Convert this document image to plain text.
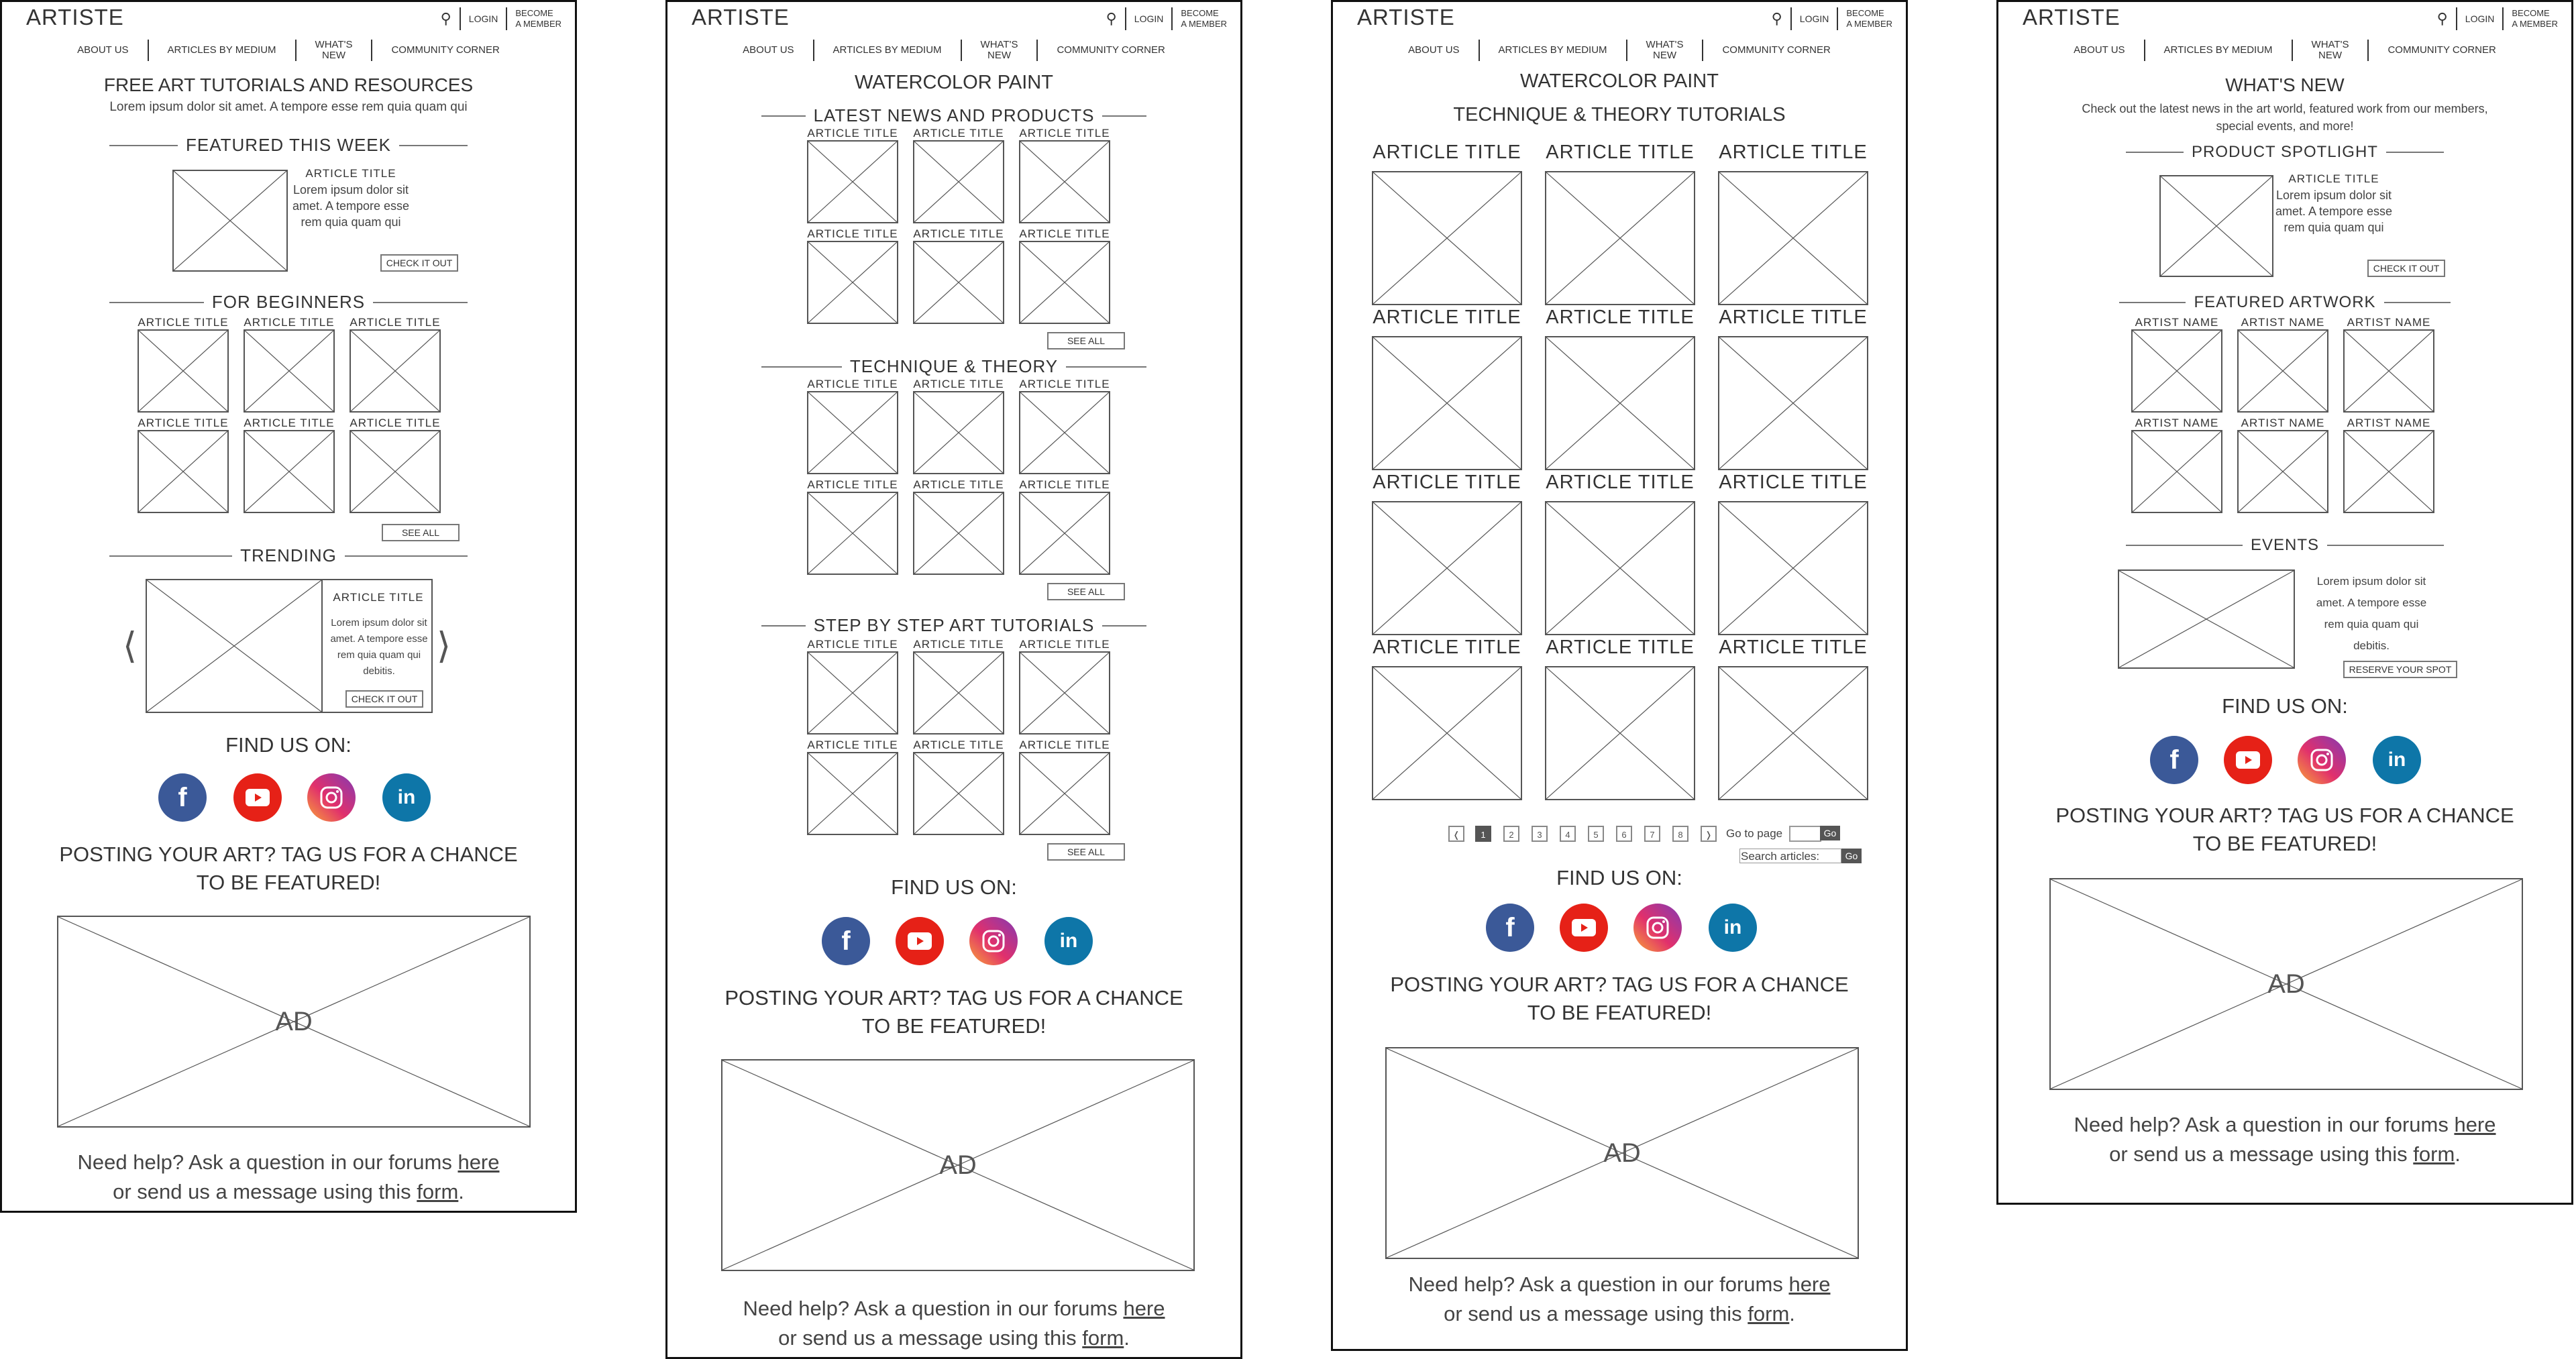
ARTISTE	⚲ LOGIN
BECOME
A MEMBER
ABOUT US	ARTICLES BY MEDIUM	WHAT'S
NEW	COMMUNITY CORNER
FREE ART TUTORIALS AND RESOURCES
Lorem ipsum dolor sit amet. A tempore esse rem quia quam qui
FEATURED THIS WEEK
ARTICLE TITLE
Lorem ipsum dolor sit amet. A tempore esse rem quia quam qui
CHECK IT OUT
FOR BEGINNERS
ARTICLE TITLE	ARTICLE TITLE	ARTICLE TITLE
ARTICLE TITLE	ARTICLE TITLE	ARTICLE TITLE
SEE ALL
TRENDING
⟨	⟩
ARTICLE TITLE
Lorem ipsum dolor sit amet. A tempore esse rem quia quam qui debitis.
CHECK IT OUT
FIND US ON:
f	in
POSTING YOUR ART? TAG US FOR A CHANCE
TO BE FEATURED!
AD
Need help? Ask a question in our forums here
or send us a message using this form.
ARTISTE	⚲ LOGIN
BECOME
A MEMBER
ABOUT US	ARTICLES BY MEDIUM	WHAT'S
NEW	COMMUNITY CORNER
WATERCOLOR PAINT
LATEST NEWS AND PRODUCTS
ARTICLE TITLE	ARTICLE TITLE	ARTICLE TITLE
ARTICLE TITLE	ARTICLE TITLE	ARTICLE TITLE
SEE ALL
TECHNIQUE & THEORY
ARTICLE TITLE	ARTICLE TITLE	ARTICLE TITLE
ARTICLE TITLE	ARTICLE TITLE	ARTICLE TITLE
SEE ALL
STEP BY STEP ART TUTORIALS
ARTICLE TITLE	ARTICLE TITLE	ARTICLE TITLE
ARTICLE TITLE	ARTICLE TITLE	ARTICLE TITLE
SEE ALL
FIND US ON:
f	in
POSTING YOUR ART? TAG US FOR A CHANCE
TO BE FEATURED!
AD
Need help? Ask a question in our forums here
or send us a message using this form.
ARTISTE	⚲ LOGIN
BECOME
A MEMBER
ABOUT US	ARTICLES BY MEDIUM	WHAT'S
NEW	COMMUNITY CORNER
WATERCOLOR PAINT
TECHNIQUE & THEORY TUTORIALS
ARTICLE TITLE	ARTICLE TITLE	ARTICLE TITLE
ARTICLE TITLE	ARTICLE TITLE	ARTICLE TITLE
ARTICLE TITLE	ARTICLE TITLE	ARTICLE TITLE
ARTICLE TITLE	ARTICLE TITLE	ARTICLE TITLE
❬	1	2	3	4	5	6	7	8	❭	Go to page	Go
Search articles:	Go
FIND US ON:
f	in
POSTING YOUR ART? TAG US FOR A CHANCE
TO BE FEATURED!
AD
Need help? Ask a question in our forums here
or send us a message using this form.
ARTISTE	⚲ LOGIN
BECOME
A MEMBER
ABOUT US	ARTICLES BY MEDIUM	WHAT'S
NEW	COMMUNITY CORNER
WHAT'S NEW
Check out the latest news in the art world, featured work from our members,
special events, and more!
PRODUCT SPOTLIGHT
ARTICLE TITLE
Lorem ipsum dolor sit amet. A tempore esse rem quia quam qui
CHECK IT OUT
FEATURED ARTWORK
ARTIST NAME	ARTIST NAME	ARTIST NAME
ARTIST NAME	ARTIST NAME	ARTIST NAME
EVENTS
Lorem ipsum dolor sit amet. A tempore esse rem quia quam qui debitis.
RESERVE YOUR SPOT
FIND US ON:
f	in
POSTING YOUR ART? TAG US FOR A CHANCE
TO BE FEATURED!
AD
Need help? Ask a question in our forums here
or send us a message using this form.
